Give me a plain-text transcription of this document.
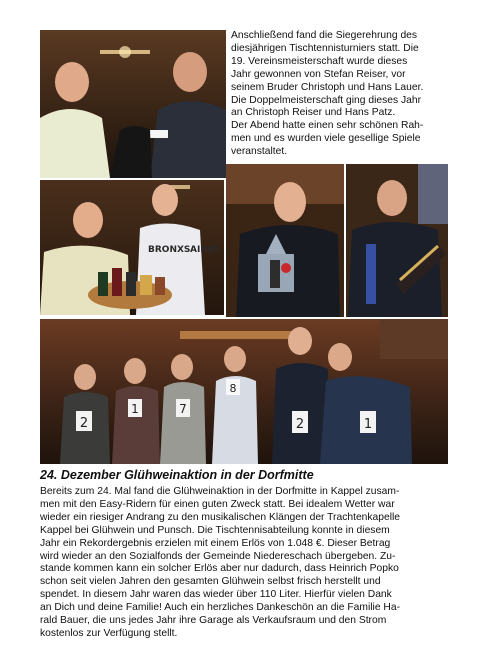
Anschließend fand die Siegerehrung des

diesjährigen Tischtennisturniers statt. Die

19. Vereinsmeisterschaft wurde dieses

Jahr gewonnen von Stefan Reiser, vor

seinem Bruder Christoph und Hans Lauer.

Die Doppelmeisterschaft ging dieses Jahr

an Christoph Reiser und Hans Patz.

Der Abend hatte einen sehr schönen Rah-

men und es wurden viele gesellige Spiele

veranstaltet.

BRONXS AIRES
2
1	7
8
2	1
24. Dezember Glühweinaktion in der Dorfmitte

Bereits zum 24. Mal fand die Glühweinaktion in der Dorfmitte in Kappel zusam-

men mit den Easy-Ridern für einen guten Zweck statt. Bei idealem Wetter war

wieder ein riesiger Andrang zu den musikalischen Klängen der Trachtenkapelle

Kappel bei Glühwein und Punsch. Die Tischtennisabteilung konnte in diesem

Jahr ein Rekordergebnis erzielen mit einem Erlös von 1.048 €. Dieser Betrag

wird wieder an den Sozialfonds der Gemeinde Niedereschach übergeben. Zu-

stande kommen kann ein solcher Erlös aber nur dadurch, dass Heinrich Popko

schon seit vielen Jahren den gesamten Glühwein selbst frisch herstellt und

spendet. In diesem Jahr waren das wieder über 110 Liter. Hierfür vielen Dank

an Dich und deine Familie! Auch ein herzliches Dankeschön an die Familie Ha-

rald Bauer, die uns jedes Jahr ihre Garage als Verkaufsraum und den Strom

kostenlos zur Verfügung stellt.
